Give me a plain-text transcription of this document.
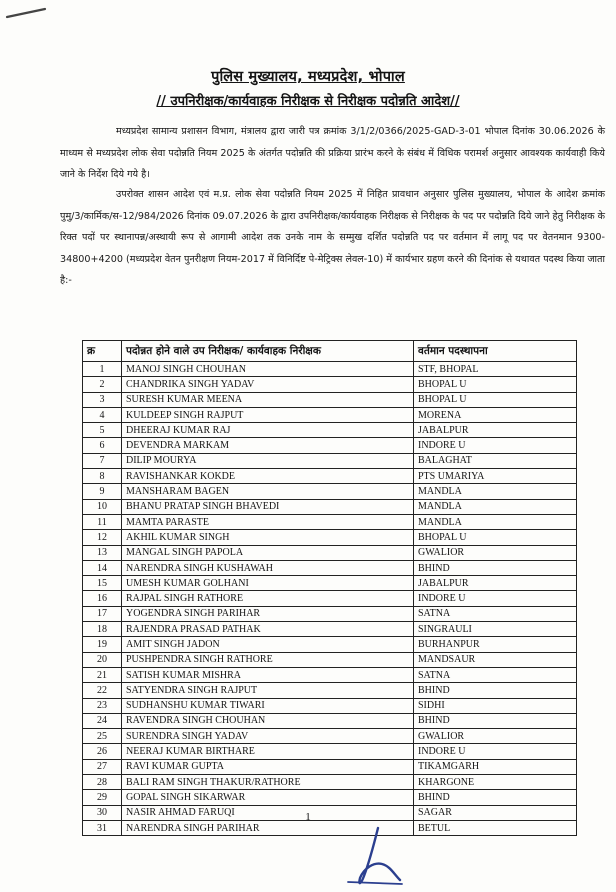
पुलिस मुख्यालय, मध्यप्रदेश, भोपाल
// उपनिरीक्षक/कार्यवाहक निरीक्षक से निरीक्षक पदोन्नति आदेश//

मध्यप्रदेश सामान्य प्रशासन विभाग, मंत्रालय द्वारा जारी पत्र क्रमांक 3/1/2/0366/2025-GAD-3-01 भोपाल दिनांक 30.06.2026 के माध्यम से मध्यप्रदेश लोक सेवा पदोन्नति नियम 2025 के अंतर्गत पदोन्नति की प्रक्रिया प्रारंभ करने के संबंध में विधिक परामर्श अनुसार आवश्यक कार्यवाही किये जाने के निर्देश दिये गये है।

उपरोक्त शासन आदेश एवं म.प्र. लोक सेवा पदोन्नति नियम 2025 में निहित प्रावधान अनुसार पुलिस मुख्यालय, भोपाल के आदेश क्रमांक पुमु/3/कार्मिक/स-12/984/2026 दिनांक 09.07.2026 के द्वारा उपनिरीक्षक/कार्यवाहक निरीक्षक से निरीक्षक के पद पर पदोन्नति दिये जाने हेतु निरीक्षक के रिक्त पदों पर स्थानापन्न/अस्थायी रूप से आगामी आदेश तक उनके नाम के सम्मुख दर्शित पदोन्नति पद पर वर्तमान में लागू पद पर वेतनमान 9300-34800+4200 (मध्यप्रदेश वेतन पुनरीक्षण नियम-2017 में विनिर्दिष्ट पे-मेट्रिक्स लेवल-10) में कार्यभार ग्रहण करने की दिनांक से यथावत पदस्थ किया जाता है:-

क्र	पदोन्नत होने वाले उप निरीक्षक/ कार्यवाहक निरीक्षक	वर्तमान पदस्थापना
1	MANOJ SINGH CHOUHAN	STF, BHOPAL
2	CHANDRIKA SINGH YADAV	BHOPAL U
3	SURESH KUMAR MEENA	BHOPAL U
4	KULDEEP SINGH RAJPUT	MORENA
5	DHEERAJ KUMAR RAJ	JABALPUR
6	DEVENDRA MARKAM	INDORE U
7	DILIP MOURYA	BALAGHAT
8	RAVISHANKAR KOKDE	PTS UMARIYA
9	MANSHARAM BAGEN	MANDLA
10	BHANU PRATAP SINGH BHAVEDI	MANDLA
11	MAMTA PARASTE	MANDLA
12	AKHIL KUMAR SINGH	BHOPAL U
13	MANGAL SINGH PAPOLA	GWALIOR
14	NARENDRA SINGH KUSHAWAH	BHIND
15	UMESH KUMAR GOLHANI	JABALPUR
16	RAJPAL SINGH RATHORE	INDORE U
17	YOGENDRA SINGH PARIHAR	SATNA
18	RAJENDRA PRASAD PATHAK	SINGRAULI
19	AMIT SINGH JADON	BURHANPUR
20	PUSHPENDRA SINGH RATHORE	MANDSAUR
21	SATISH KUMAR MISHRA	SATNA
22	SATYENDRA SINGH RAJPUT	BHIND
23	SUDHANSHU KUMAR TIWARI	SIDHI
24	RAVENDRA SINGH CHOUHAN	BHIND
25	SURENDRA SINGH YADAV	GWALIOR
26	NEERAJ KUMAR BIRTHARE	INDORE U
27	RAVI KUMAR GUPTA	TIKAMGARH
28	BALI RAM SINGH THAKUR/RATHORE	KHARGONE
29	GOPAL SINGH SIKARWAR	BHIND
30	NASIR AHMAD FARUQI	SAGAR
31	NARENDRA SINGH PARIHAR	BETUL
1
